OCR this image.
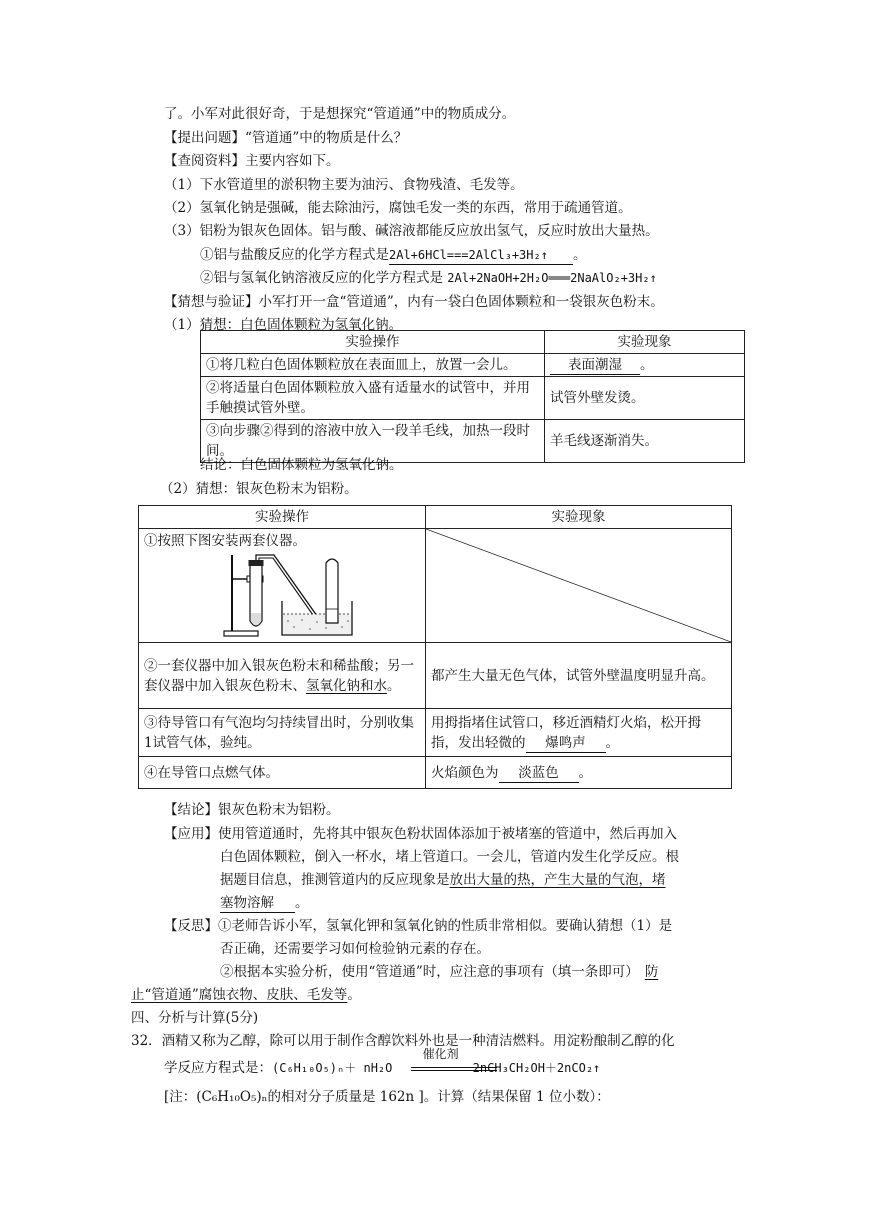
了。小军对此很好奇，于是想探究“管道通”中的物质成分。
【提出问题】“管道通”中的物质是什么？
【查阅资料】主要内容如下。
（1）下水管道里的淤积物主要为油污、食物残渣、毛发等。
（2）氢氧化钠是强碱，能去除油污，腐蚀毛发一类的东西，常用于疏通管道。
（3）铝粉为银灰色固体。铝与酸、碱溶液都能反应放出氢气，反应时放出大量热。
①铝与盐酸反应的化学方程式是2Al+6HCl===2AlCl₃+3H₂↑ 。
②铝与氢氧化钠溶液反应的化学方程式是 2Al+2NaOH+2H₂O═══2NaAlO₂+3H₂↑
【猜想与验证】小军打开一盒“管道通”，内有一袋白色固体颗粒和一袋银灰色粉末。
（1）猜想：白色固体颗粒为氢氧化钠。
实验操作	实验现象
①将几粒白色固体颗粒放在表面皿上，放置一会儿。	表面潮湿 。
②将适量白色固体颗粒放入盛有适量水的试管中，并用手触摸试管外壁。	试管外壁发烫。
③向步骤②得到的溶液中放入一段羊毛线，加热一段时间。	羊毛线逐渐消失。
结论：白色固体颗粒为氢氧化钠。
（2）猜想：银灰色粉末为铝粉。
实验操作	实验现象

①按照下图安装两套仪器。

②一套仪器中加入银灰色粉末和稀盐酸；另一套仪器中加入银灰色粉末、氢氧化钠和水。	都产生大量无色气体，试管外壁温度明显升高。
③待导管口有气泡均匀持续冒出时，分别收集1试管气体，验纯。	用拇指堵住试管口，移近酒精灯火焰，松开拇指，发出轻微的 爆鸣声 。
④在导管口点燃气体。	火焰颜色为 淡蓝色 。
【结论】银灰色粉末为铝粉。
【应用】使用管道通时，先将其中银灰色粉状固体添加于被堵塞的管道中，然后再加入
白色固体颗粒，倒入一杯水，堵上管道口。一会儿，管道内发生化学反应。根
据题目信息，推测管道内的反应现象是放出大量的热，产生大量的气泡，堵
塞物溶解 。
【反思】①老师告诉小军，氢氧化钾和氢氧化钠的性质非常相似。要确认猜想（1）是
否正确，还需要学习如何检验钠元素的存在。
②根据本实验分析，使用“管道通”时，应注意的事项有（填一条即可） 防
止“管道通”腐蚀衣物、皮肤、毛发等。
四、分析与计算(5分)
32．酒精又称为乙醇，除可以用于制作含醇饮料外也是一种清洁燃料。用淀粉酿制乙醇的化
学反应方程式是：(C₆H₁₀O₅)ₙ＋ nH₂O
催化剂
2nCH₃CH₂OH＋2nCO₂↑
[注：(C₆H₁₀O₅)ₙ的相对分子质量是 162n ]。计算（结果保留 1 位小数）：
